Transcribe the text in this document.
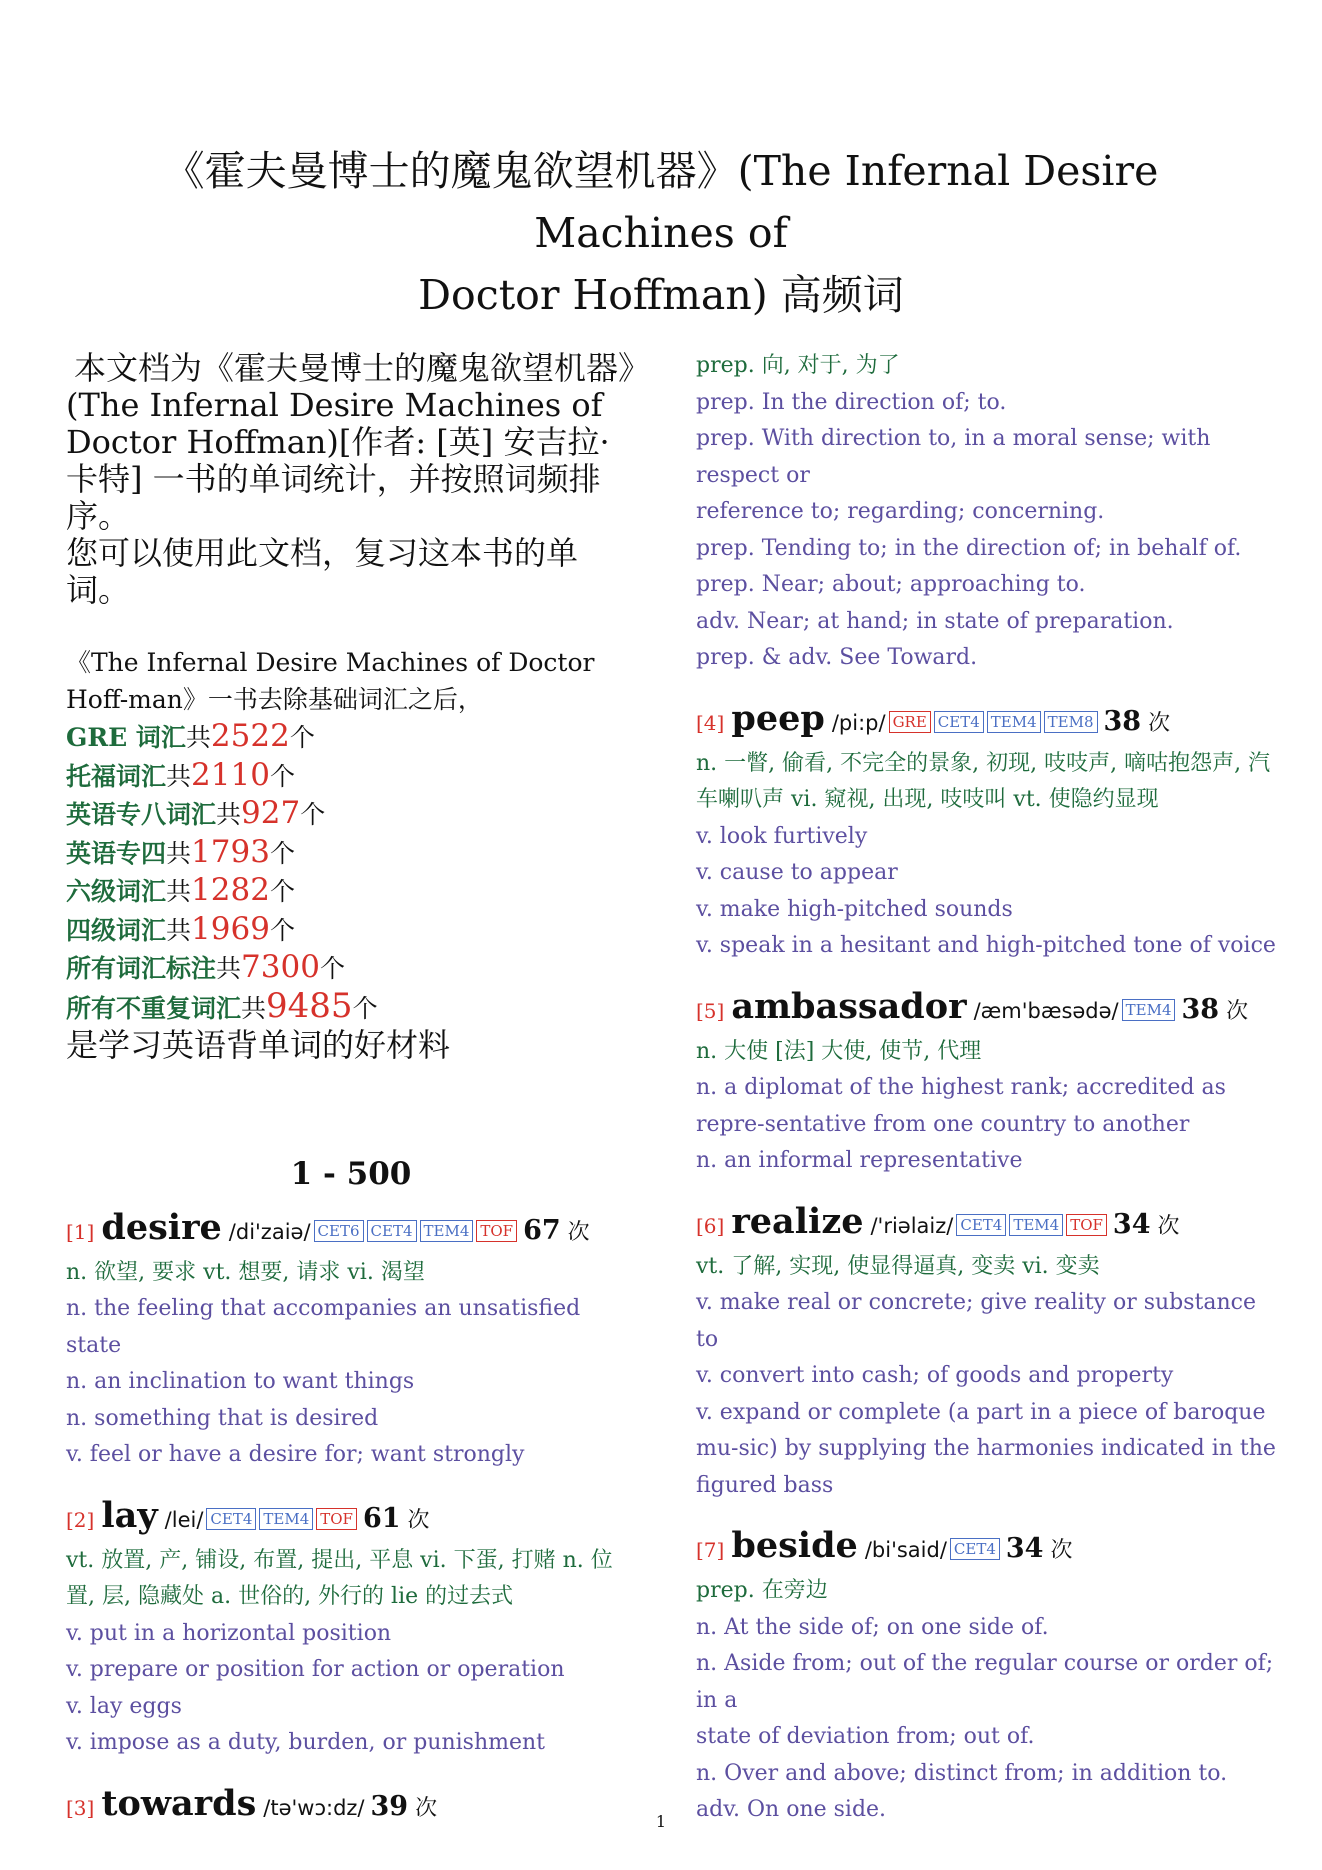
《霍夫曼博士的魔鬼欲望机器》(The Infernal Desire Machines of
Doctor Hoffman) 高频词

本文档为《霍夫曼博士的魔鬼欲望机器》(The Infernal Desire Machines of Doctor Hoffman)[作者: [英] 安吉拉·卡特] 一书的单词统计，并按照词频排序。

您可以使用此文档，复习这本书的单词。

《The Infernal Desire Machines of Doctor Hoff-man》一书去除基础词汇之后，
GRE 词汇共2522个
托福词汇共2110个
英语专八词汇共927个
英语专四共1793个
六级词汇共1282个
四级词汇共1969个
所有词汇标注共7300个
所有不重复词汇共9485个
是学习英语背单词的好材料
1 - 500
[1] desire /di'zaiə/ CET6 CET4 TEM4 TOF 67 次
n. 欲望, 要求 vt. 想要, 请求 vi. 渴望
n. the feeling that accompanies an unsatisfied state
n. an inclination to want things
n. something that is desired
v. feel or have a desire for; want strongly
[2] lay /lei/ CET4 TEM4 TOF 61 次
vt. 放置, 产, 铺设, 布置, 提出, 平息 vi. 下蛋, 打赌 n. 位置, 层, 隐藏处 a. 世俗的, 外行的 lie 的过去式
v. put in a horizontal position
v. prepare or position for action or operation
v. lay eggs
v. impose as a duty, burden, or punishment
[3] towards /tə'wɔ:dz/ 39 次
prep. 向, 对于, 为了
prep. In the direction of; to.
prep. With direction to, in a moral sense; with respect or
reference to; regarding; concerning.
prep. Tending to; in the direction of; in behalf of.
prep. Near; about; approaching to.
adv. Near; at hand; in state of preparation.
prep. & adv. See Toward.
[4] peep /pi:p/ GRE CET4 TEM4 TEM8 38 次
n. 一瞥, 偷看, 不完全的景象, 初现, 吱吱声, 嘀咕抱怨声, 汽车喇叭声 vi. 窥视, 出现, 吱吱叫 vt. 使隐约显现
v. look furtively
v. cause to appear
v. make high-pitched sounds
v. speak in a hesitant and high-pitched tone of voice
[5] ambassador /æm'bæsədə/ TEM4 38 次
n. 大使 [法] 大使, 使节, 代理
n. a diplomat of the highest rank; accredited as repre-sentative from one country to another
n. an informal representative
[6] realize /'riəlaiz/ CET4 TEM4 TOF 34 次
vt. 了解, 实现, 使显得逼真, 变卖 vi. 变卖
v. make real or concrete; give reality or substance to
v. convert into cash; of goods and property
v. expand or complete (a part in a piece of baroque mu-sic) by supplying the harmonies indicated in the figured bass
[7] beside /bi'said/ CET4 34 次
prep. 在旁边
n. At the side of; on one side of.
n. Aside from; out of the regular course or order of; in a
state of deviation from; out of.
n. Over and above; distinct from; in addition to.
adv. On one side.
1
